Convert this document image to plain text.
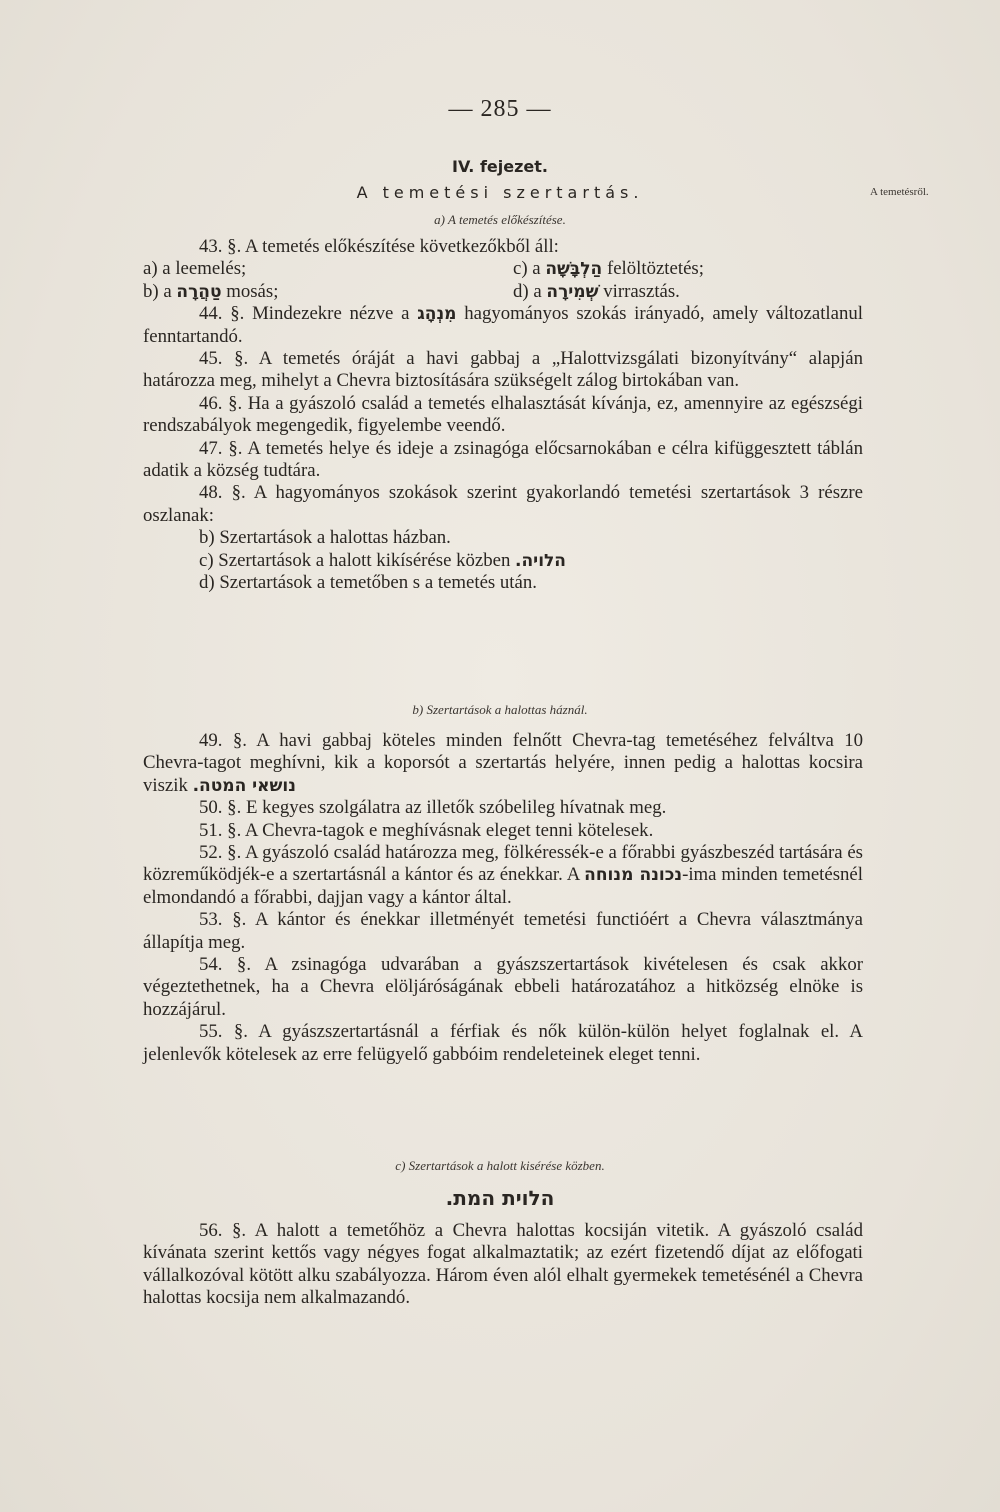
— 285 —
IV. fejezet.
A temetési szertartás.	A temetésről.
a) A temetés előkészítése.

43. §. A temetés előkészítése következőkből áll:

a) a leemelés;	c) a הַלְבָּשָׁה felöltöztetés;
b) a טַהֲרָה mosás;	d) a שְׁמִירָה virrasztás.

44. §. Mindezekre nézve a מִנְהָג hagyományos szokás irányadó, amely változatlanul fenntartandó.

45. §. A temetés óráját a havi gabbaj a „Halottvizsgálati bizonyítvány“ alapján határozza meg, mihelyt a Chevra biztosítására szükségelt zálog birtokában van.

46. §. Ha a gyászoló család a temetés elhalasztását kívánja, ez, amennyire az egészségi rendszabályok megengedik, figyelembe veendő.

47. §. A temetés helye és ideje a zsinagóga előcsarnokában e célra kifüggesztett táblán adatik a község tudtára.

48. §. A hagyományos szokások szerint gyakorlandó temetési szertartások 3 részre oszlanak:

b) Szertartások a halottas házban.

c) Szertartások a halott kikísérése közben הלויה.

d) Szertartások a temetőben s a temetés után.

b) Szertartások a halottas háznál.

49. §. A havi gabbaj köteles minden felnőtt Chevra-tag temetéséhez felváltva 10 Chevra-tagot meghívni, kik a koporsót a szertartás helyére, innen pedig a halottas kocsira viszik נושאי המטה.

50. §. E kegyes szolgálatra az illetők szóbelileg hívatnak meg.

51. §. A Chevra-tagok e meghívásnak eleget tenni kötelesek.

52. §. A gyászoló család határozza meg, fölkéressék-e a főrabbi gyászbeszéd tartására és közreműködjék-e a szertartásnál a kántor és az énekkar. A נכונה מנוחה-ima minden temetésnél elmondandó a főrabbi, dajjan vagy a kántor által.

53. §. A kántor és énekkar illetményét temetési functióért a Chevra választmánya állapítja meg.

54. §. A zsinagóga udvarában a gyászszertartások kivételesen és csak akkor végeztethetnek, ha a Chevra elöljáróságának ebbeli határozatához a hitközség elnöke is hozzájárul.

55. §. A gyászszertartásnál a férfiak és nők külön-külön helyet foglalnak el. A jelenlevők kötelesek az erre felügyelő gabbóim rendeleteinek eleget tenni.

c) Szertartások a halott kisérése közben.
הלוית המת.

56. §. A halott a temetőhöz a Chevra halottas kocsiján vitetik. A gyászoló család kívánata szerint kettős vagy négyes fogat alkalmaztatik; az ezért fizetendő díjat az előfogati vállalkozóval kötött alku szabályozza. Három éven alól elhalt gyermekek temetésénél a Chevra halottas kocsija nem alkalmazandó.
